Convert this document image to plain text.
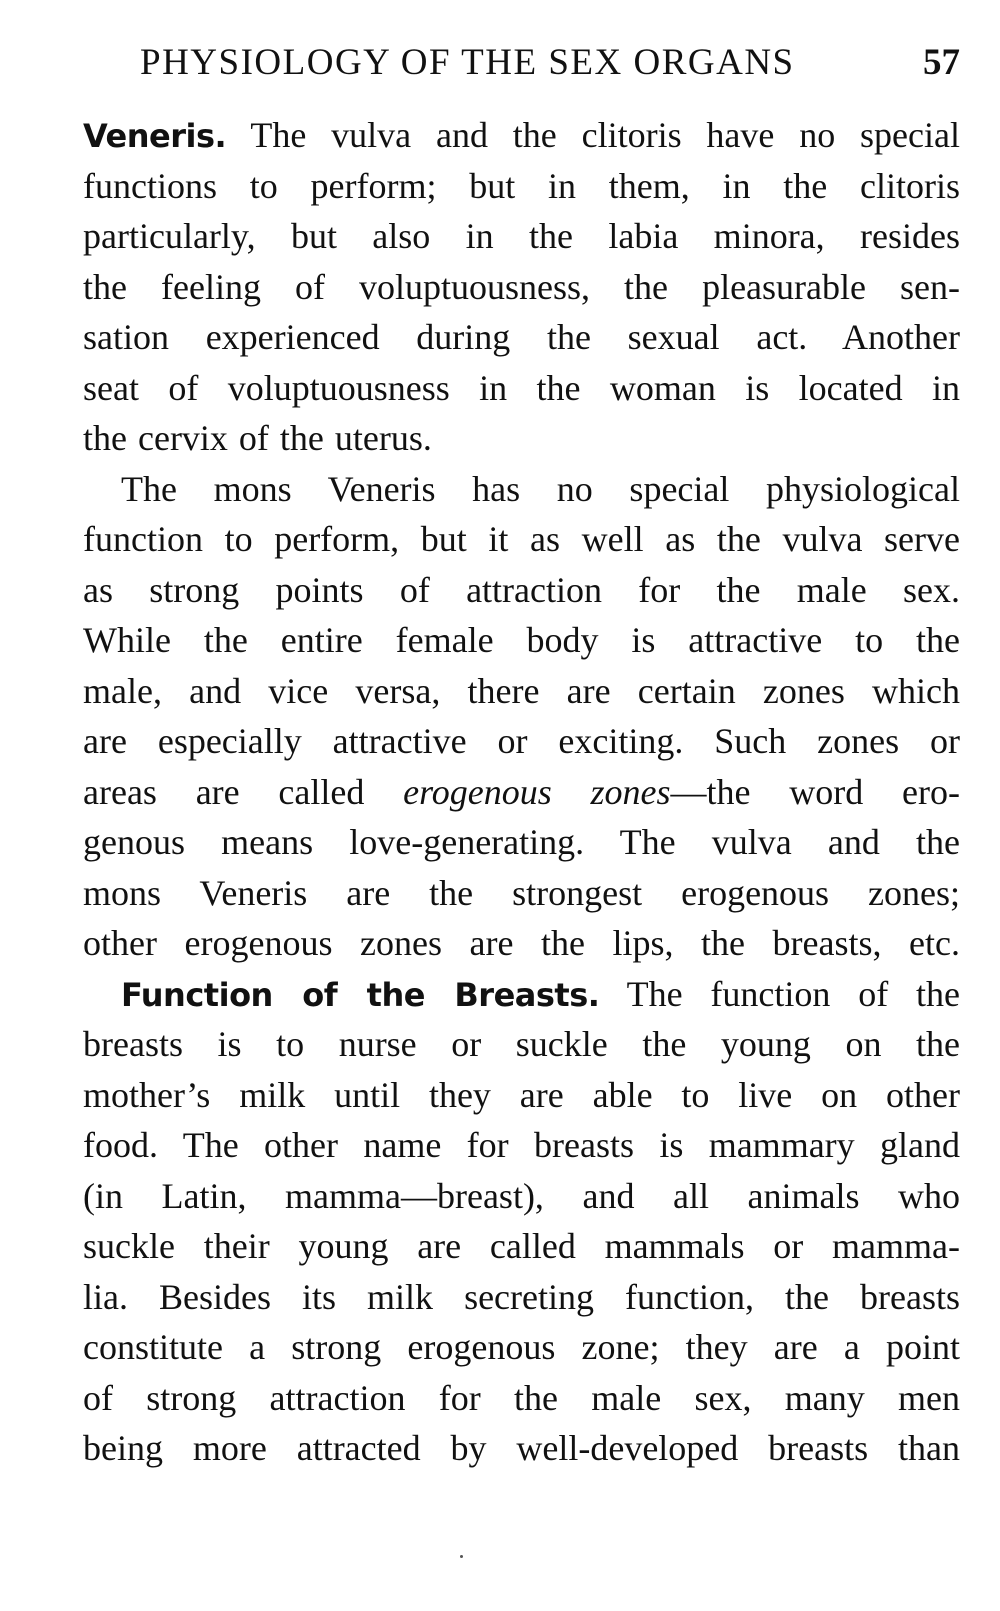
PHYSIOLOGY OF THE SEX ORGANS	57
Veneris. The vulva and the clitoris have no special
functions to perform; but in them, in the clitoris
particularly, but also in the labia minora, resides
the feeling of voluptuousness, the pleasurable sen-
sation experienced during the sexual act. Another
seat of voluptuousness in the woman is located in
the cervix of the uterus.
The mons Veneris has no special physiological
function to perform, but it as well as the vulva serve
as strong points of attraction for the male sex.
While the entire female body is attractive to the
male, and vice versa, there are certain zones which
are especially attractive or exciting. Such zones or
areas are called erogenous zones—the word ero-
genous means love-generating. The vulva and the
mons Veneris are the strongest erogenous zones;
other erogenous zones are the lips, the breasts, etc.
Function of the Breasts. The function of the
breasts is to nurse or suckle the young on the
mother’s milk until they are able to live on other
food. The other name for breasts is mammary gland
(in Latin, mamma—breast), and all animals who
suckle their young are called mammals or mamma-
lia. Besides its milk secreting function, the breasts
constitute a strong erogenous zone; they are a point
of strong attraction for the male sex, many men
being more attracted by well-developed breasts than
